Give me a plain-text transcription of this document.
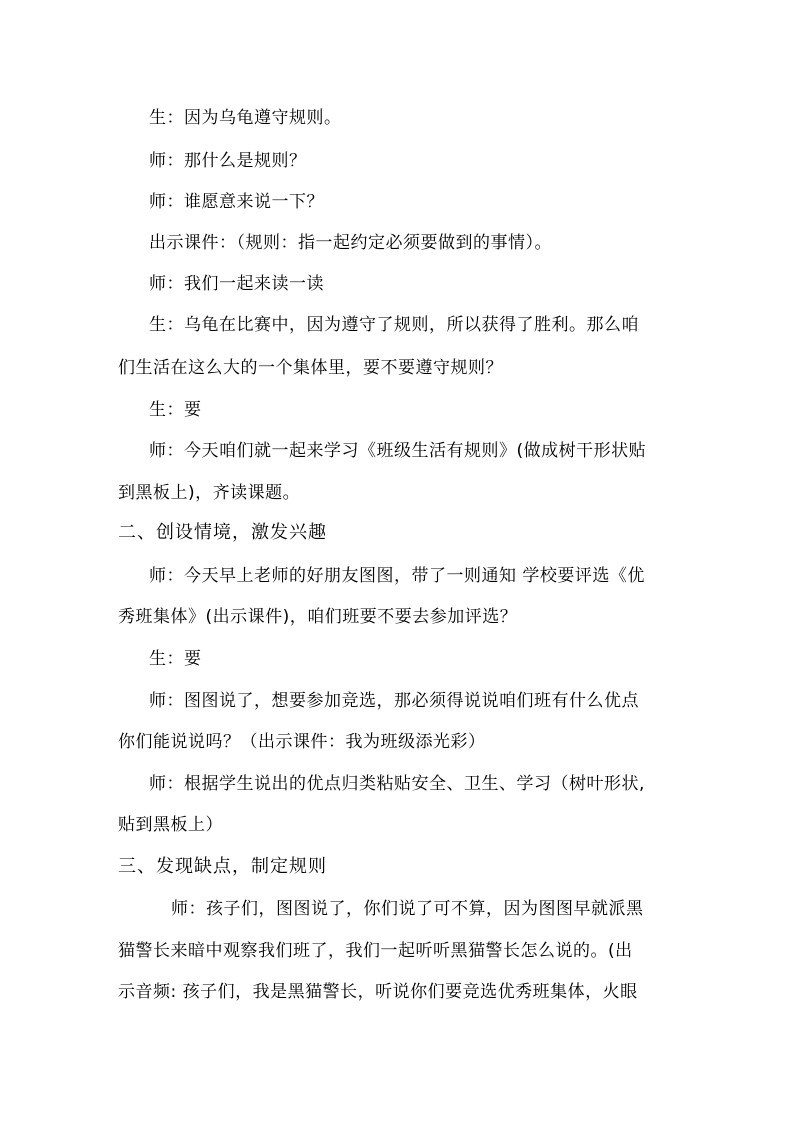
生：因为乌龟遵守规则。
师：那什么是规则？
师：谁愿意来说一下？
出示课件：（规则：指一起约定必须要做到的事情）。
师：我们一起来读一读
生：乌龟在比赛中，因为遵守了规则，所以获得了胜利。那么咱
们生活在这么大的一个集体里，要不要遵守规则？
生：要
师：今天咱们就一起来学习《班级生活有规则》(做成树干形状贴
到黑板上)，齐读课题。
二、创设情境，激发兴趣
师：今天早上老师的好朋友图图，带了一则通知 学校要评选《优
秀班集体》(出示课件)，咱们班要不要去参加评选？
生：要
师：图图说了，想要参加竞选，那必须得说说咱们班有什么优点
你们能说说吗？（出示课件：我为班级添光彩）
师：根据学生说出的优点归类粘贴安全、卫生、学习（树叶形状,
贴到黑板上）
三、发现缺点，制定规则
师：孩子们，图图说了，你们说了可不算，因为图图早就派黑
猫警长来暗中观察我们班了，我们一起听听黑猫警长怎么说的。(出
示音频: 孩子们，我是黑猫警长，听说你们要竞选优秀班集体，火眼
